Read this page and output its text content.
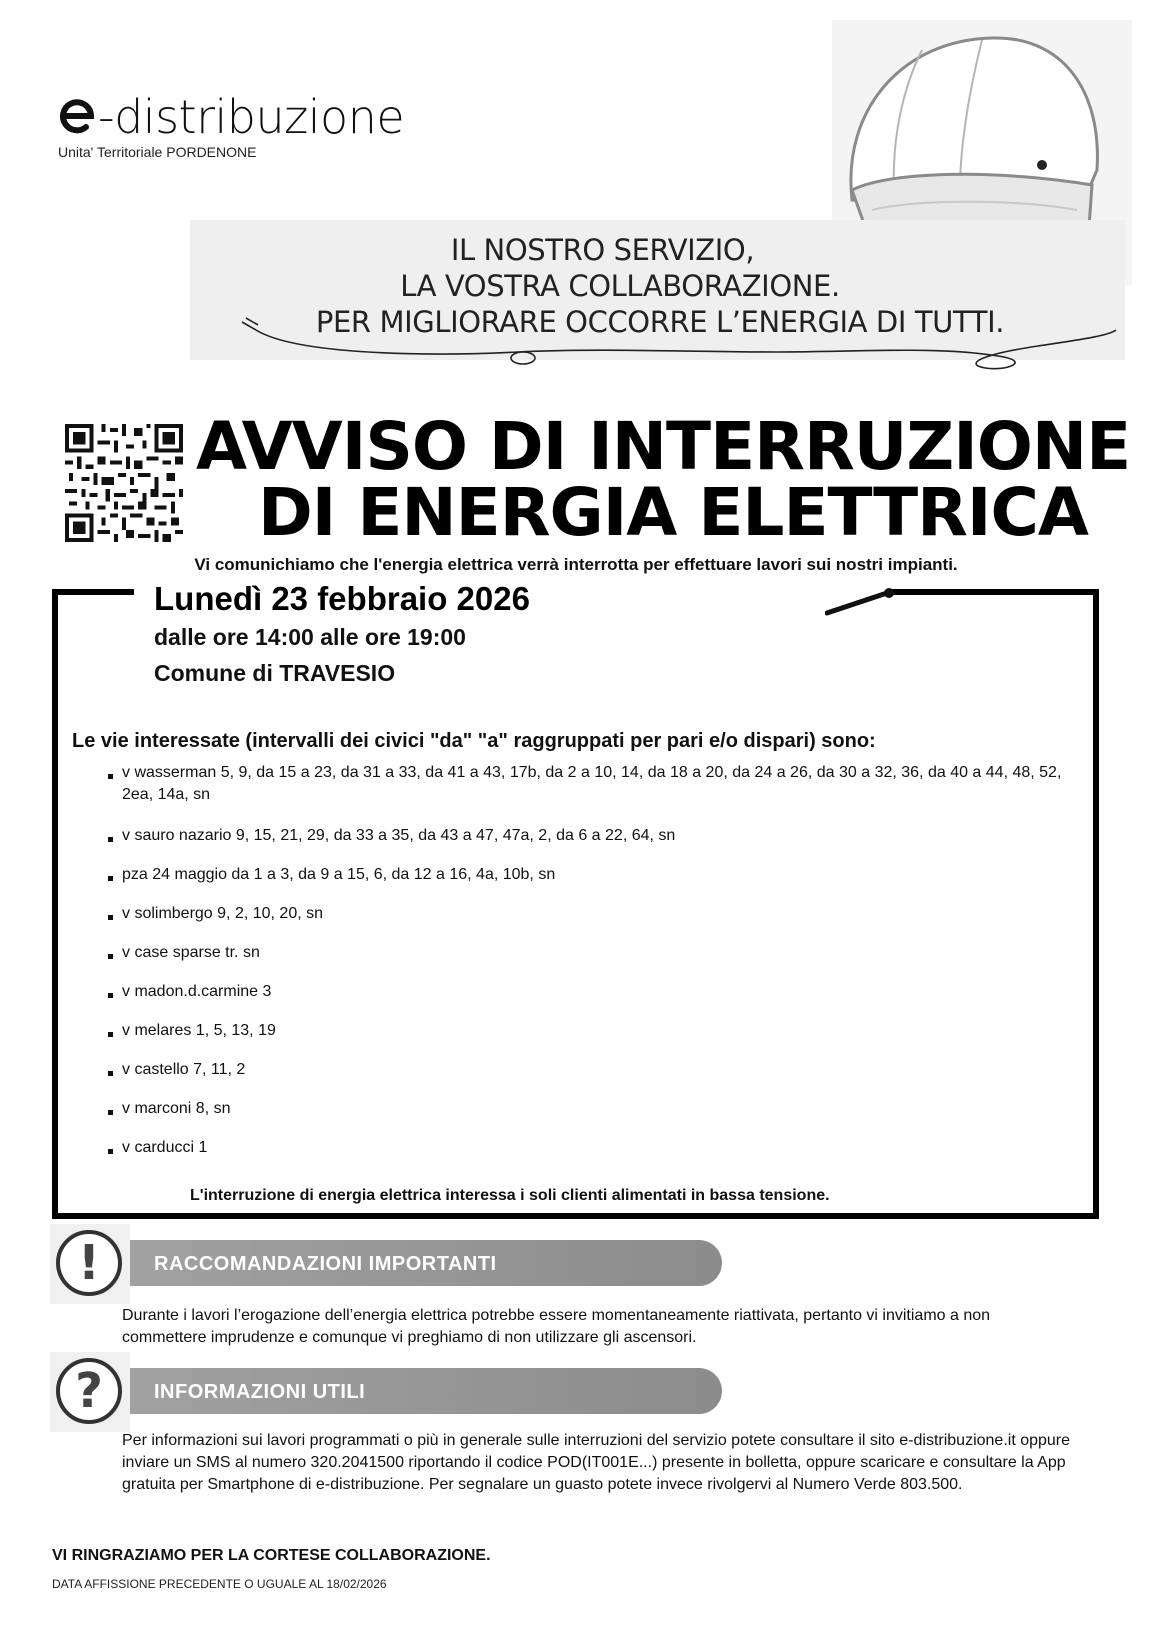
-distribuzione
Unita' Territoriale PORDENONE
IL NOSTRO SERVIZIO,
LA VOSTRA COLLABORAZIONE.
PER MIGLIORARE OCCORRE L’ENERGIA DI TUTTI.
AVVISO DI INTERRUZIONE
DI ENERGIA ELETTRICA
Vi comunichiamo che l'energia elettrica verrà interrotta per effettuare lavori sui nostri impianti.
Lunedì 23 febbraio 2026
dalle ore 14:00 alle ore 19:00
Comune di TRAVESIO
Le vie interessate (intervalli dei civici "da" "a" raggruppati per pari e/o dispari) sono:
v wasserman 5, 9, da 15 a 23, da 31 a 33, da 41 a 43, 17b, da 2 a 10, 14, da 18 a 20, da 24 a 26, da 30 a 32, 36, da 40 a 44, 48, 52, 2ea, 14a, sn
v sauro nazario 9, 15, 21, 29, da 33 a 35, da 43 a 47, 47a, 2, da 6 a 22, 64, sn
pza 24 maggio da 1 a 3, da 9 a 15, 6, da 12 a 16, 4a, 10b, sn
v solimbergo 9, 2, 10, 20, sn
v case sparse tr. sn
v madon.d.carmine 3
v melares 1, 5, 13, 19
v castello 7, 11, 2
v marconi 8, sn
v carducci 1
L'interruzione di energia elettrica interessa i soli clienti alimentati in bassa tensione.
!	RACCOMANDAZIONI IMPORTANTI
Durante i lavori l’erogazione dell’energia elettrica potrebbe essere momentaneamente riattivata, pertanto vi invitiamo a non commettere imprudenze e comunque vi preghiamo di non utilizzare gli ascensori.
?	INFORMAZIONI UTILI
Per informazioni sui lavori programmati o più in generale sulle interruzioni del servizio potete consultare il sito e-distribuzione.it oppure inviare un SMS al numero 320.2041500 riportando il codice POD(IT001E...) presente in bolletta, oppure scaricare e consultare la App gratuita per Smartphone di e-distribuzione. Per segnalare un guasto potete invece rivolgervi al Numero Verde 803.500.
VI RINGRAZIAMO PER LA CORTESE COLLABORAZIONE.
DATA AFFISSIONE PRECEDENTE O UGUALE AL 18/02/2026
